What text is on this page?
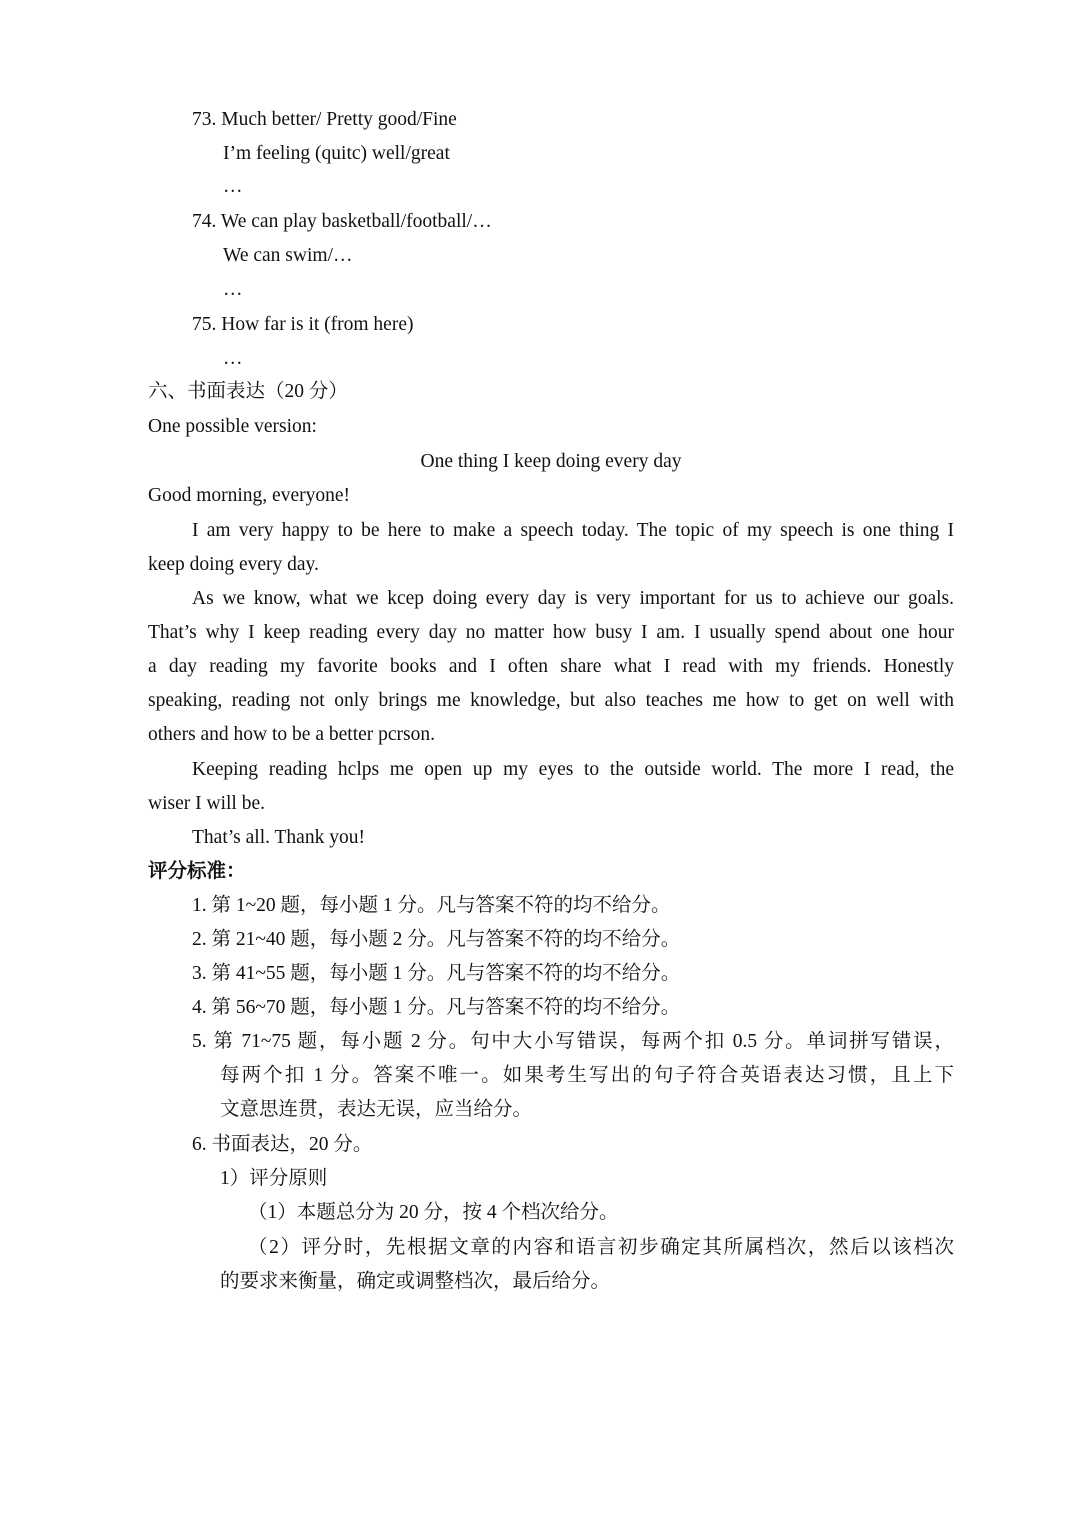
73. Much better/ Pretty good/Fine
I’m feeling (quitc) well/great
…
74. We can play basketball/football/…
We can swim/…
…
75. How far is it (from here)
…
六、书面表达（20 分）
One possible version:
One thing I keep doing every day
Good morning, everyone!
I am very happy to be here to make a speech today. The topic of my speech is one thing I
keep doing every day.
As we know, what we kcep doing every day is very important for us to achieve our goals.
That’s why I keep reading every day no matter how busy I am. I usually spend about one hour
a day reading my favorite books and I often share what I read with my friends. Honestly
speaking, reading not only brings me knowledge, but also teaches me how to get on well with
others and how to be a better pcrson.
Keeping reading hclps me open up my eyes to the outside world. The more I read, the
wiser I will be.
That’s all. Thank you!
评分标准：
1. 第 1~20 题，每小题 1 分。凡与答案不符的均不给分。
2. 第 21~40 题，每小题 2 分。凡与答案不符的均不给分。
3. 第 41~55 题，每小题 1 分。凡与答案不符的均不给分。
4. 第 56~70 题，每小题 1 分。凡与答案不符的均不给分。
5. 第 71~75 题，每小题 2 分。句中大小写错误，每两个扣 0.5 分。单词拼写错误，
每两个扣 1 分。答案不唯一。如果考生写出的句子符合英语表达习惯，且上下
文意思连贯，表达无误，应当给分。
6. 书面表达，20 分。
1）评分原则
（1）本题总分为 20 分，按 4 个档次给分。
（2）评分时，先根据文章的内容和语言初步确定其所属档次，然后以该档次
的要求来衡量，确定或调整档次，最后给分。
